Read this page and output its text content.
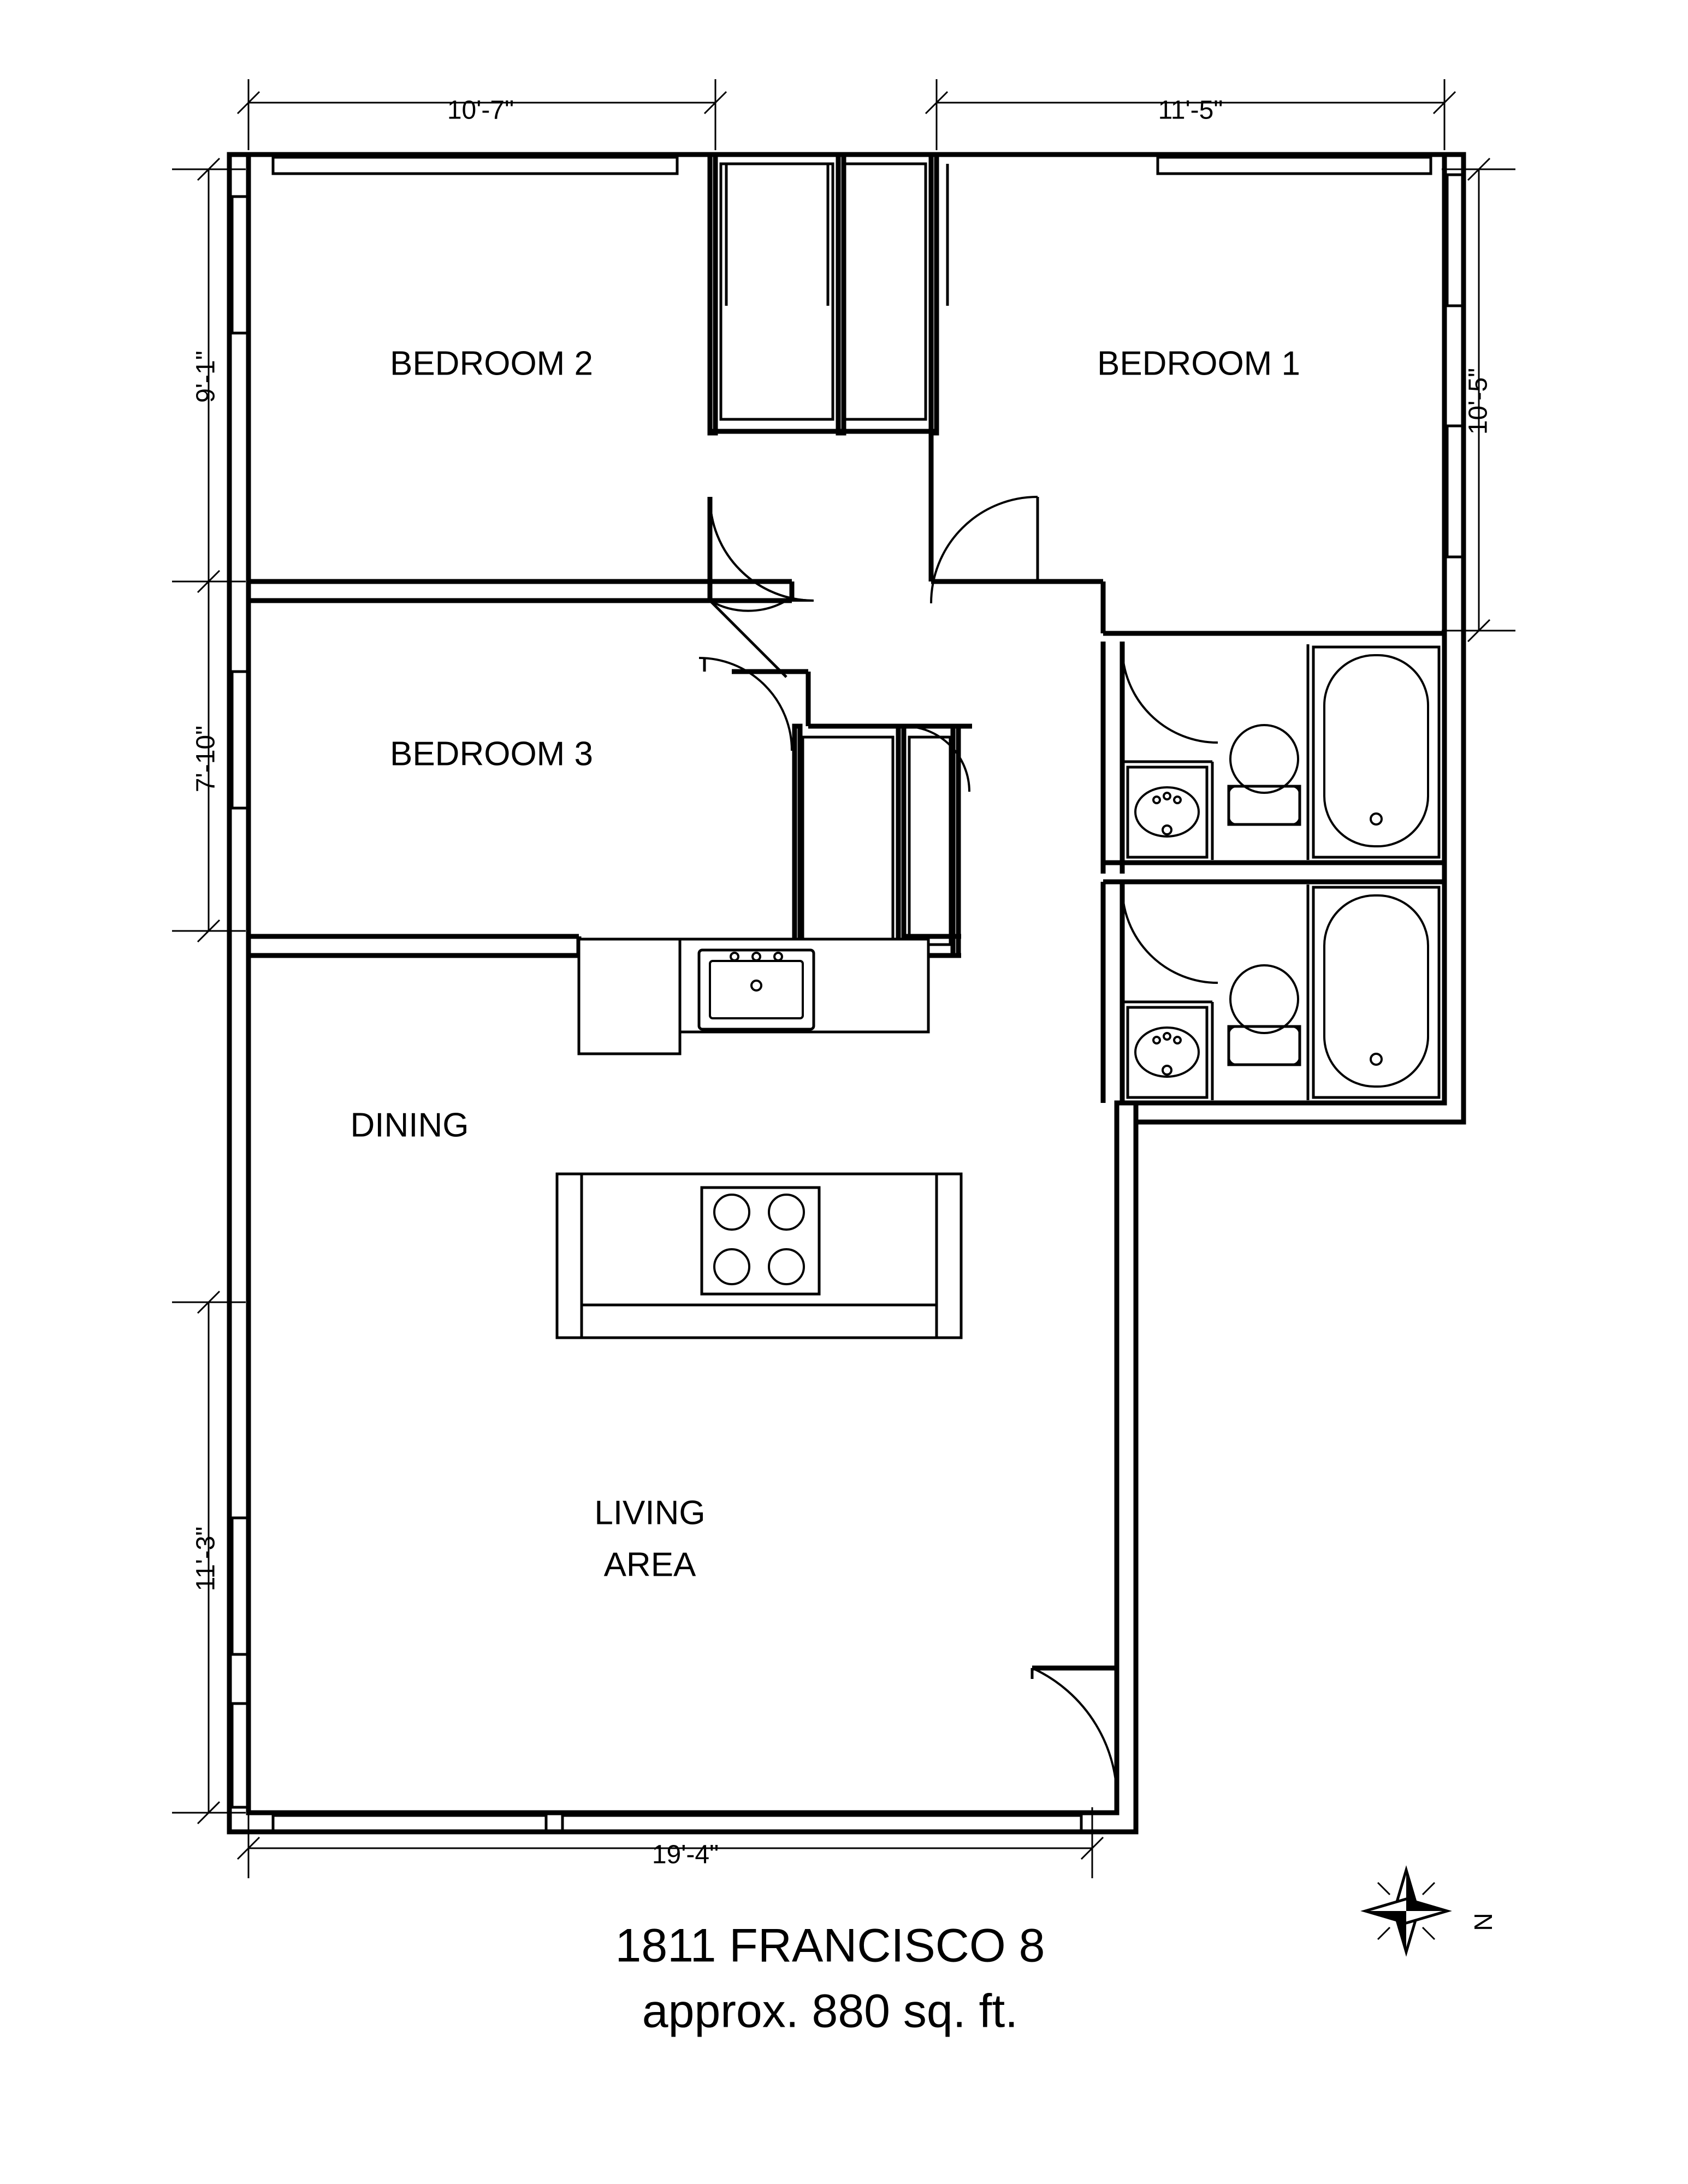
10'-7"	11'-5"
9'-1"
7'-10"
11'-3"
10'-5"
19'-4"
BEDROOM 2	BEDROOM 1
BEDROOM 3
DINING
LIVING
AREA
1811 FRANCISCO 8
approx. 880 sq. ft.
N
